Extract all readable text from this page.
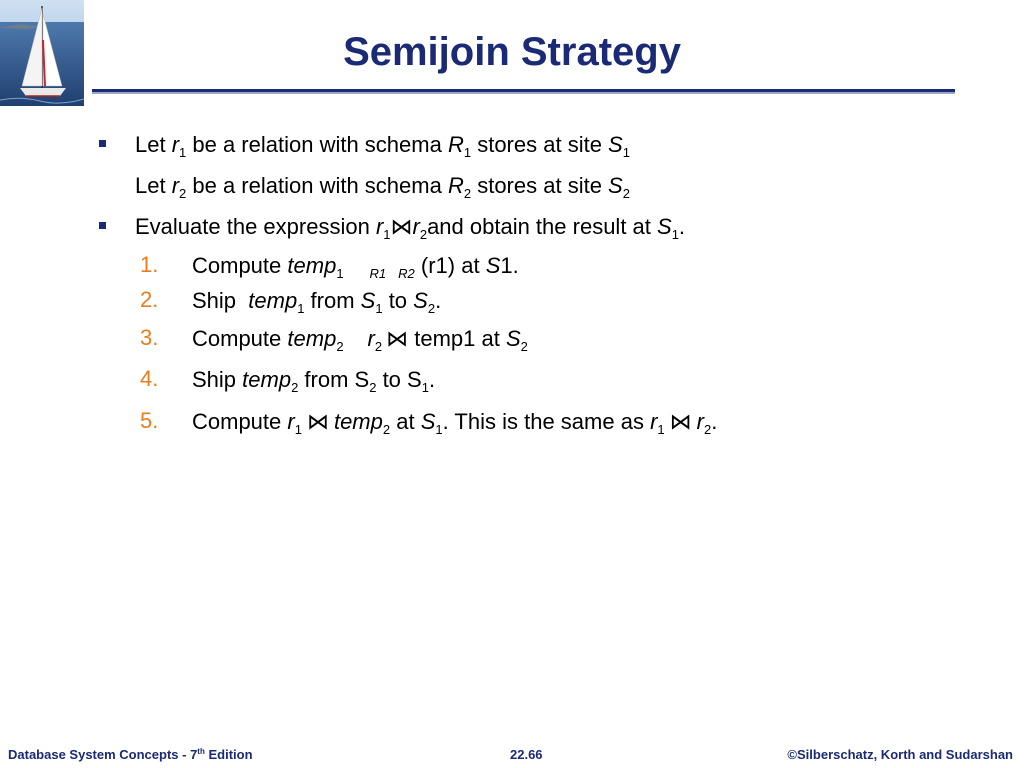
Semijoin Strategy
Let $r_1$ be a relation with schema $R_1$ stores at site $S_1$
Let $r_2$ be a relation with schema $R_2$ stores at site $S_2$
Evaluate the expression $r_1⋈r_2and$ obtain the result at $S_1$.
1. Compute temp$_1$ $_{R1}$ $_{R2}$ (r1) at S1.
2. Ship  temp$_1$ from $S_1$ to $S_2$.
3. Compute temp$_2$ $r_2$ ⋈ temp1 at $S_2$
4. Ship temp$_2$ from $S_2$ to $S_1$.
5. Compute $r_1$ ⋈ temp$_2$ at $S_1$. This is the same as $r_1$ ⋈ $r_2$.
Database System Concepts - 7th Edition	22.66	©Silberschatz, Korth and Sudarshan
